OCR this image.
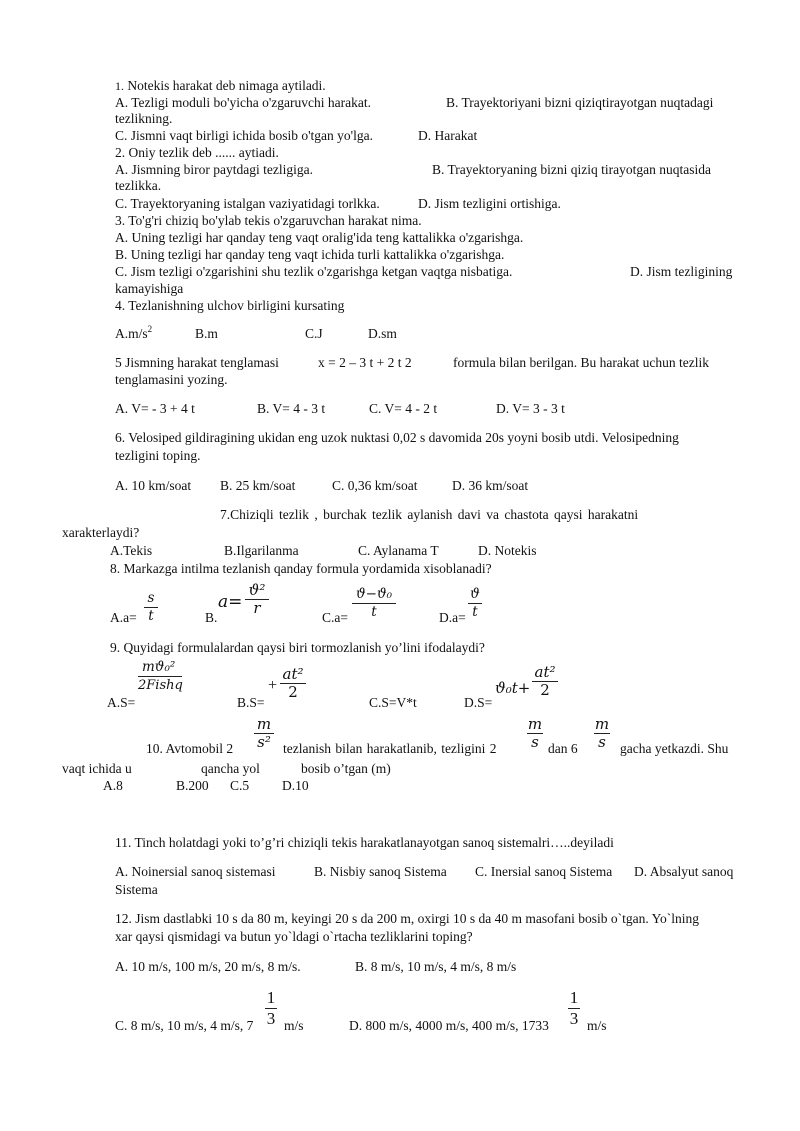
1. Notekis harakat deb nimaga aytiladi.
A. Tezligi moduli bo'yicha o'zgaruvchi harakat.	B. Trayektoriyani bizni qiziqtirayotgan nuqtadagi
tezlikning.
C. Jismni vaqt birligi ichida bosib o'tgan yo'lga.	D. Harakat
2. Oniy tezlik deb ...... aytiadi.
A. Jismning biror paytdagi tezligiga.	B. Trayektoryaning bizni qiziq tirayotgan nuqtasida
tezlikka.
C. Trayektoryaning istalgan vaziyatidagi torlkka.	D. Jism tezligini ortishiga.
3. To'g'ri chiziq bo'ylab tekis o'zgaruvchan harakat nima.
A. Uning tezligi har qanday teng vaqt oralig'ida teng kattalikka o'zgarishga.
B. Uning tezligi har qanday teng vaqt ichida turli kattalikka o'zgarishga.
C. Jism tezligi o'zgarishini shu tezlik o'zgarishga ketgan vaqtga nisbatiga.	D. Jism tezligining
kamayishiga
4. Tezlanishning ulchov birligini kursating
$A.m/s^2$	B.m	C.J	D.sm
5 Jismning harakat tenglamasi	x = 2 – 3 t + 2 t 2	formula bilan berilgan. Bu harakat uchun tezlik
tenglamasini yozing.
A. V= - 3 + 4 t	B. V= 4 - 3 t	C. V= 4 - 2 t	D. V= 3 - 3 t
6. Velosiped gildiragining ukidan eng uzok nuktasi 0,02 s davomida 20s yoyni bosib utdi. Velosipedning
tezligini toping.
A. 10 km/soat B. 25 km/soat	C. 0,36 km/soat	D. 36 km/soat
7.Chiziqli tezlik , burchak tezlik aylanish davi va chastota qaysi harakatni
xarakterlaydi?
A.Tekis	B.Ilgarilanma	C. Aylanama T	D. Notekis
8. Markazga intilma tezlanish qanday formula yordamida xisoblanadi?
$A.a= \frac{s}{t}$	B.
$a= \frac{\text{ϑ²}}{r}$
$C.a= \frac{\text{ϑ−ϑ₀}}{t}$	$D.a= \frac{ϑ}{t}$
9. Quyidagi formulalardan qaysi biri tormozlanish yo’lini ifodalaydi?
A.S=
mϑ₀²
2Fishq
B.S=
+ $\frac{\text{at²}}{2}$
C.S=V*t	D.S=
$ϑ_0t+ \frac{\text{at²}}{2}$
10. Avtomobil $2 \frac{m}{\text{s²}}$ tezlanish bilan harakatlanib, tezligini $2 \frac{m}{s}$ dan $6 \frac{m}{s}$ gacha yetkazdi. Shu
vaqt ichida u	qancha yol	bosib o’tgan (m)
A.8	B.200 C.5 D.10
11. Tinch holatdagi yoki to’g’ri chiziqli tekis harakatlanayotgan sanoq sistemalri…..deyiladi
A. Noinersial sanoq sistemasi	B. Nisbiy sanoq Sistema C. Inersial sanoq Sistema D. Absalyut sanoq
Sistema
12. Jism dastlabki 10 s da 80 m, keyingi 20 s da 200 m, oxirgi 10 s da 40 m masofani bosib o`tgan. Yo`lning
xar qaysi qismidagi va butun yo`ldagi o`rtacha tezliklarini toping?
A. 10 m/s, 100 m/s, 20 m/s, 8 m/s.	B. 8 m/s, 10 m/s, 4 m/s, 8 m/s
C. 8 m/s, 10 m/s, 4 m/s, $7 \frac{1}{3} m/s$	D. 800 m/s, 4000 m/s, 400 m/s, $1733 \frac{1}{3} m/s$
